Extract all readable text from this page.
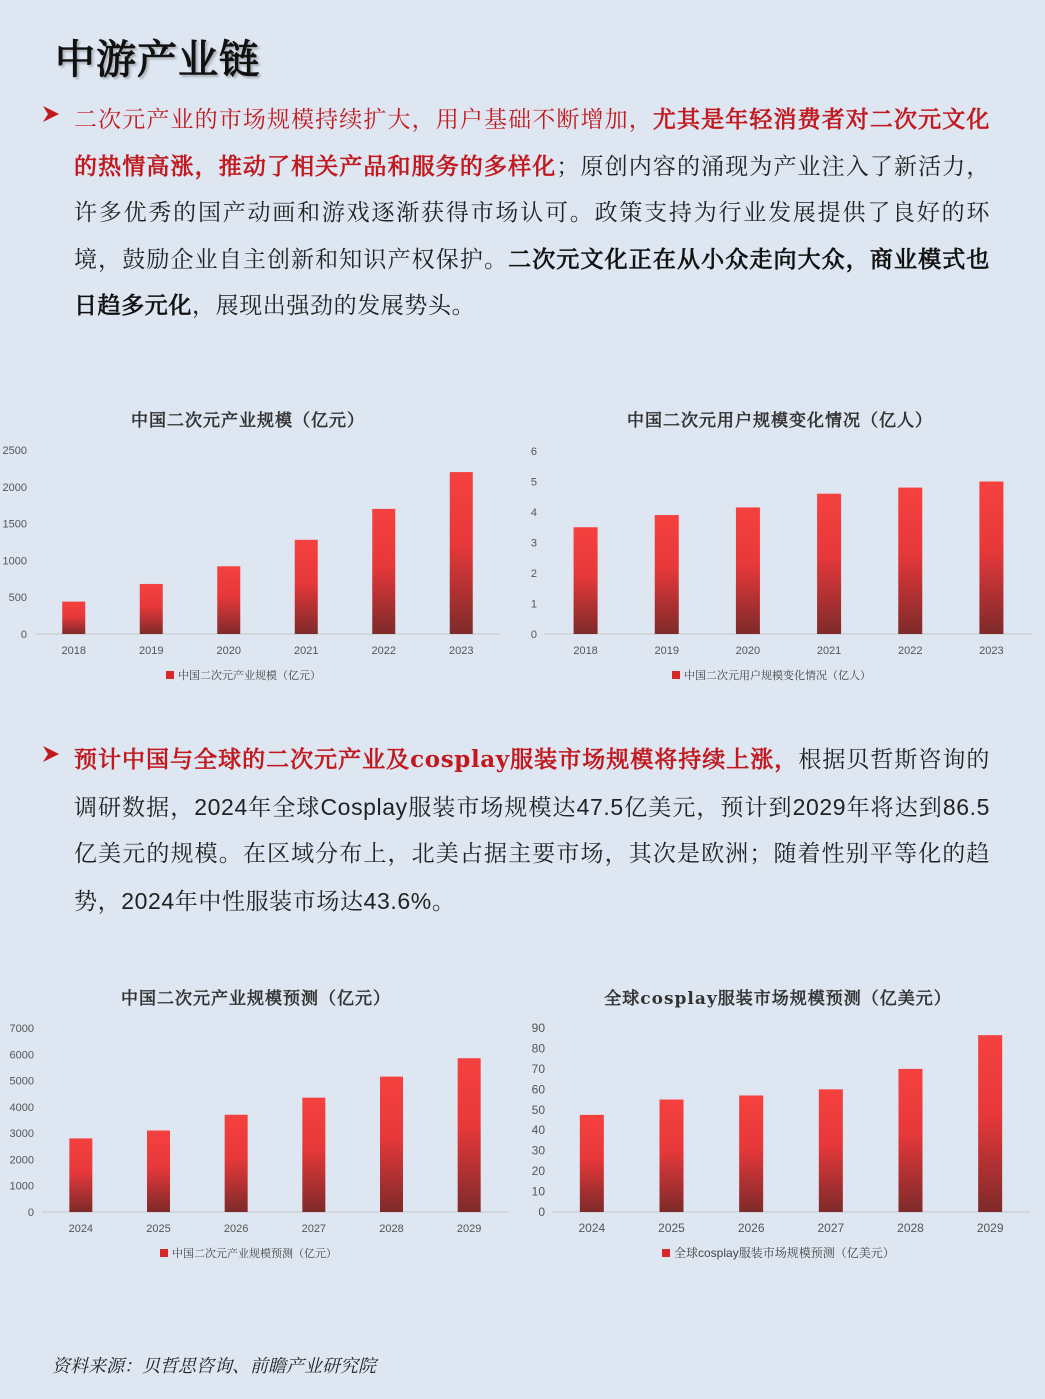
中游产业链
二次元产业的市场规模持续扩大，用户基础不断增加，尤其是年轻消费者对二次元文化的热情高涨，推动了相关产品和服务的多样化；原创内容的涌现为产业注入了新活力，许多优秀的国产动画和游戏逐渐获得市场认可。政策支持为行业发展提供了良好的环境，鼓励企业自主创新和知识产权保护。二次元文化正在从小众走向大众，商业模式也日趋多元化，展现出强劲的发展势头。
中国二次元产业规模（亿元）
0
500
1000
1500
2000
2500
2018	2019	2020	2021	2022	2023
中国二次元产业规模（亿元）
中国二次元用户规模变化情况（亿人）
0
1
2
3
4
5
6
2018	2019	2020	2021	2022	2023
中国二次元用户规模变化情况（亿人）
预计中国与全球的二次元产业及cosplay服装市场规模将持续上涨，根据贝哲斯咨询的调研数据，2024年全球Cosplay服装市场规模达47.5亿美元，预计到2029年将达到86.5亿美元的规模。在区域分布上，北美占据主要市场，其次是欧洲；随着性别平等化的趋势，2024年中性服装市场达43.6%。
中国二次元产业规模预测（亿元）
0
1000
2000
3000
4000
5000
6000
7000
2024	2025	2026	2027	2028	2029
中国二次元产业规模预测（亿元）
全球cosplay服装市场规模预测（亿美元）
0
10
20
30
40
50
60
70
80
90
2024	2025	2026	2027	2028	2029
全球cosplay服装市场规模预测（亿美元）
资料来源：贝哲思咨询、前瞻产业研究院
